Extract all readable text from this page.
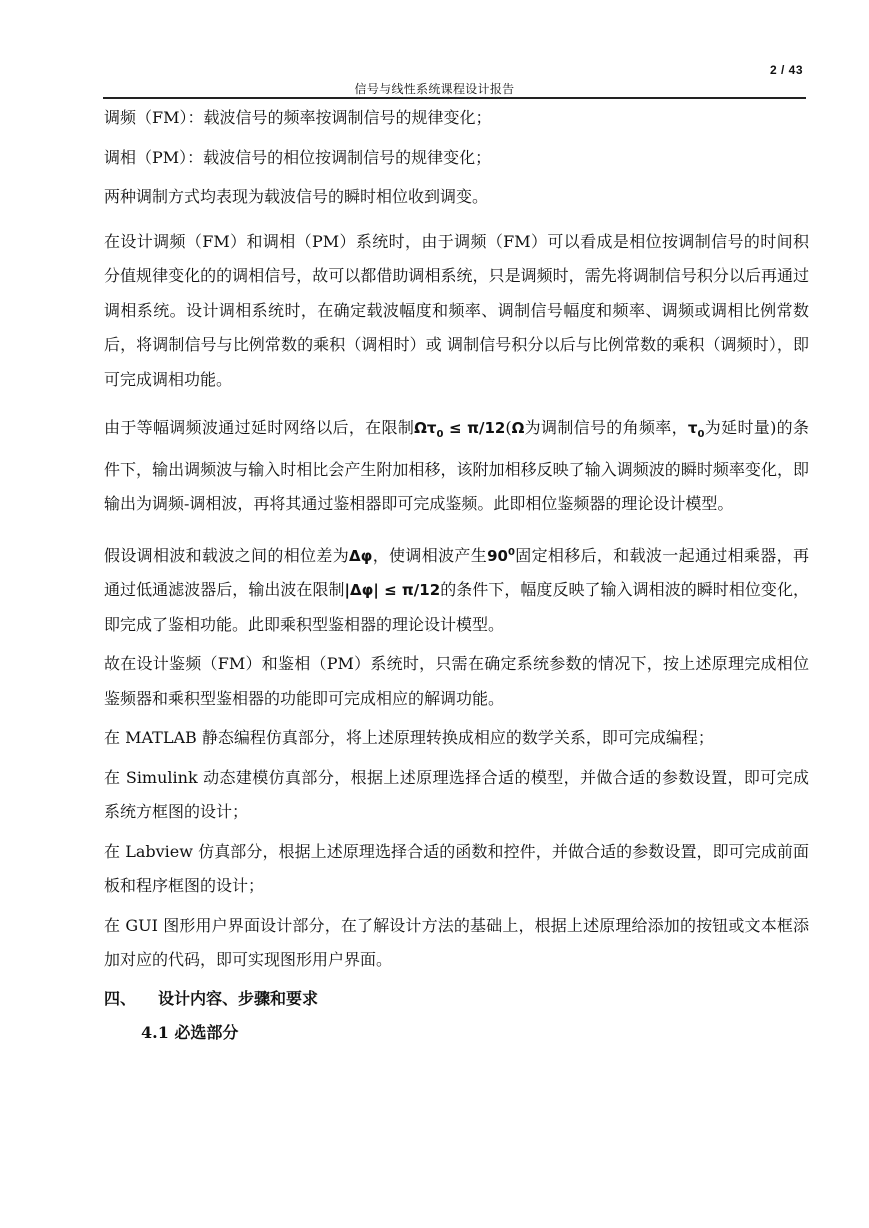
2 / 43
信号与线性系统课程设计报告

调频（FM）：载波信号的频率按调制信号的规律变化；

调相（PM）：载波信号的相位按调制信号的规律变化；

两种调制方式均表现为载波信号的瞬时相位收到调变。

在设计调频（FM）和调相（PM）系统时，由于调频（FM）可以看成是相位按调制信号的时间积分值规律变化的的调相信号，故可以都借助调相系统，只是调频时，需先将调制信号积分以后再通过调相系统。设计调相系统时，在确定载波幅度和频率、调制信号幅度和频率、调频或调相比例常数后，将调制信号与比例常数的乘积（调相时）或 调制信号积分以后与比例常数的乘积（调频时），即可完成调相功能。

由于等幅调频波通过延时网络以后，在限制$\Omega\tau_0 \le \pi/12(\Omega$为调制信号的角频率，$\tau_0$为延时量)的条件下，输出调频波与输入时相比会产生附加相移，该附加相移反映了输入调频波的瞬时频率变化，即输出为调频-调相波，再将其通过鉴相器即可完成鉴频。此即相位鉴频器的理论设计模型。

假设调相波和载波之间的相位差为Δφ，使调相波产生$90^0$固定相移后，和载波一起通过相乘器，再通过低通滤波器后，输出波在限制|Δφ| ≤ π/12的条件下，幅度反映了输入调相波的瞬时相位变化，即完成了鉴相功能。此即乘积型鉴相器的理论设计模型。

故在设计鉴频（FM）和鉴相（PM）系统时，只需在确定系统参数的情况下，按上述原理完成相位鉴频器和乘积型鉴相器的功能即可完成相应的解调功能。

在 MATLAB 静态编程仿真部分，将上述原理转换成相应的数学关系，即可完成编程；

在 Simulink 动态建模仿真部分，根据上述原理选择合适的模型，并做合适的参数设置，即可完成系统方框图的设计；

在 Labview 仿真部分，根据上述原理选择合适的函数和控件，并做合适的参数设置，即可完成前面板和程序框图的设计；

在 GUI 图形用户界面设计部分，在了解设计方法的基础上，根据上述原理给添加的按钮或文本框添加对应的代码，即可实现图形用户界面。

四、 设计内容、步骤和要求
4.1 必选部分
